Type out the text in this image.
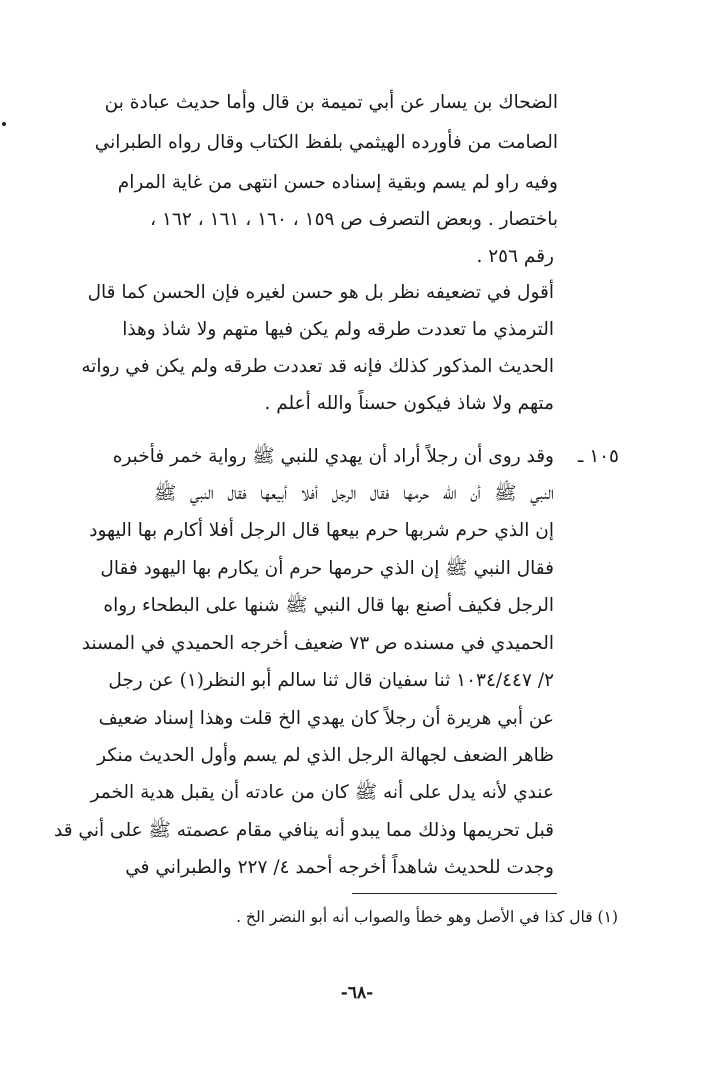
الضحاك بن يسار عن أبي تميمة بن قال وأما حديث عبادة بن
الصامت من فأورده الهيثمي بلفظ الكتاب وقال رواه الطبراني
وفيه راو لم يسم وبقية إسناده حسن انتهى من غاية المرام
باختصار . وبعض التصرف ص ١٥٩ ، ١٦٠ ، ١٦١ ، ١٦٢ ،
رقم ٢٥٦ .
أقول في تضعيفه نظر بل هو حسن لغيره فإن الحسن كما قال
الترمذي ما تعددت طرقه ولم يكن فيها متهم ولا شاذ وهذا
الحديث المذكور كذلك فإنه قد تعددت طرقه ولم يكن في رواته
متهم ولا شاذ فيكون حسناً والله أعلم .
١٠٥ ـ
وقد روى أن رجلاً أراد أن يهدي للنبي ﷺ رواية خمر فأخبره
النبي ﷺ أن الله حرمها فقال الرجل أفلا أبيعها فقال النبي ﷺ
إن الذي حرم شربها حرم بيعها قال الرجل أفلا أكارم بها اليهود
فقال النبي ﷺ إن الذي حرمها حرم أن يكارم بها اليهود فقال
الرجل فكيف أصنع بها قال النبي ﷺ شنها على البطحاء رواه
الحميدي في مسنده ص ٧٣ ضعيف أخرجه الحميدي في المسند
٢/ ١٠٣٤/٤٤٧ ثنا سفيان قال ثنا سالم أبو النظر(١) عن رجل
عن أبي هريرة أن رجلاً كان يهدي الخ قلت وهذا إسناد ضعيف
ظاهر الضعف لجهالة الرجل الذي لم يسم وأول الحديث منكر
عندي لأنه يدل على أنه ﷺ كان من عادته أن يقبل هدية الخمر
قبل تحريمها وذلك مما يبدو أنه ينافي مقام عصمته ﷺ على أني قد
وجدت للحديث شاهداً أخرجه أحمد ٤/ ٢٢٧ والطبراني في
(١) قال كذا في الأصل وهو خطأ والصواب أنه أبو النضر الخ .
-٦٨-
